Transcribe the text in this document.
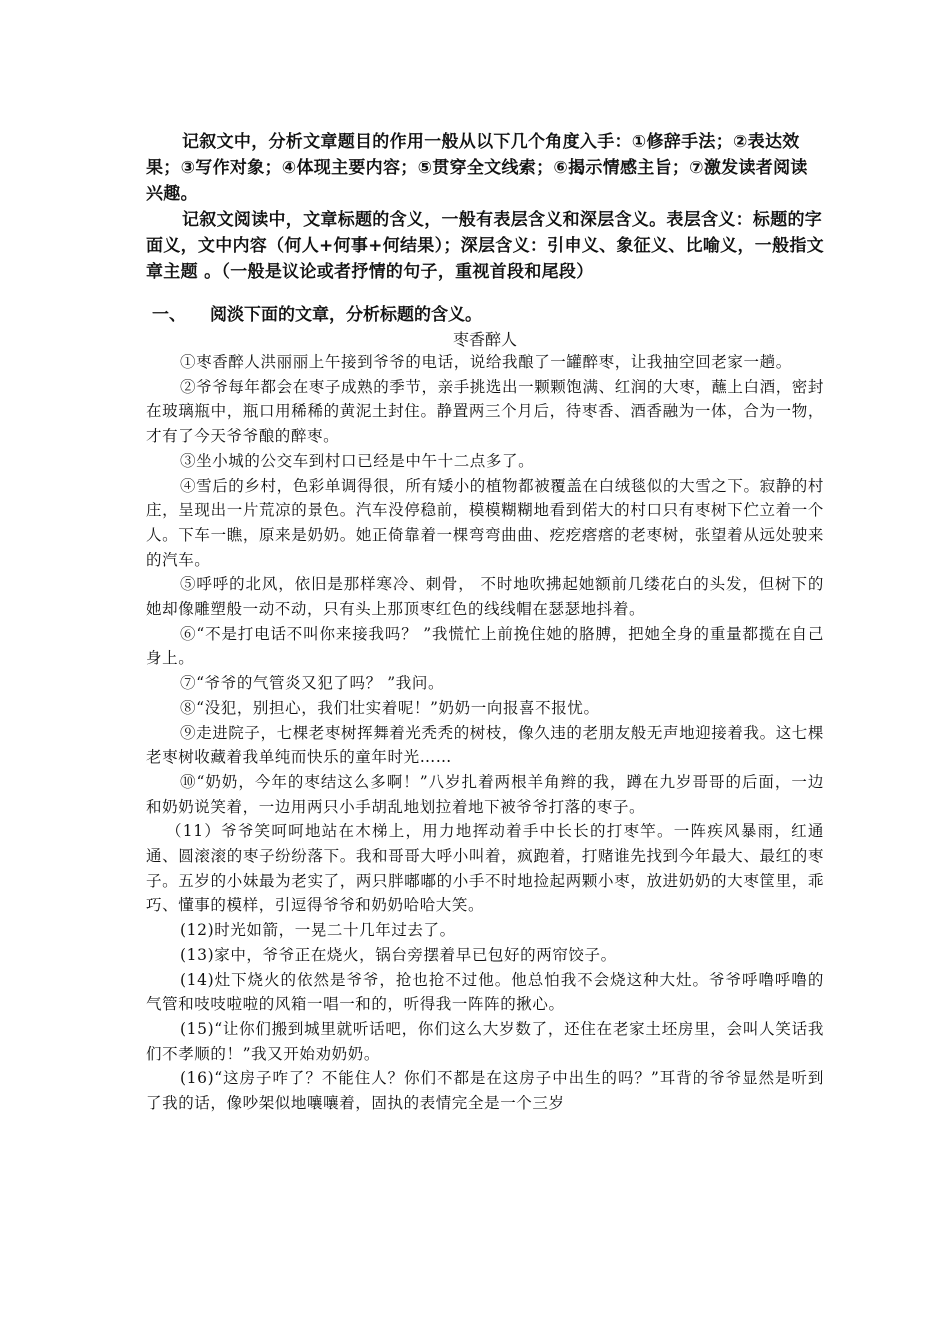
记叙文中，分析文章题目的作用一般从以下几个角度入手：①修辞手法；②表达效果；③写作对象；④体现主要内容；⑤贯穿全文线索；⑥揭示情感主旨；⑦激发读者阅读兴趣。

记叙文阅读中，文章标题的含义，一般有表层含义和深层含义。表层含义：标题的字面义，文中内容（何人+何事+何结果）；深层含义：引申义、象征义、比喻义，一般指文章主题 。（一般是议论或者抒情的句子，重视首段和尾段）

一、 阅淡下面的文章，分析标题的含义。

枣香醉人

①枣香醉人洪丽丽上午接到爷爷的电话，说给我酿了一罐醉枣，让我抽空回老家一趟。

②爷爷每年都会在枣子成熟的季节，亲手挑选出一颗颗饱满、红润的大枣，蘸上白酒，密封在玻璃瓶中，瓶口用稀稀的黄泥土封住。静置两三个月后，待枣香、酒香融为一体，合为一物，才有了今天爷爷酿的醉枣。

③坐小城的公交车到村口已经是中午十二点多了。

④雪后的乡村，色彩单调得很，所有矮小的植物都被覆盖在白绒毯似的大雪之下。寂静的村庄，呈现出一片荒凉的景色。汽车没停稳前，模模糊糊地看到偌大的村口只有枣树下伫立着一个人。下车一瞧，原来是奶奶。她正倚靠着一棵弯弯曲曲、疙疙瘩瘩的老枣树，张望着从远处驶来的汽车。

⑤呼呼的北风，依旧是那样寒冷、刺骨， 不时地吹拂起她额前几缕花白的头发，但树下的她却像雕塑般一动不动，只有头上那顶枣红色的线线帽在瑟瑟地抖着。

⑥“不是打电话不叫你来接我吗？ ”我慌忙上前挽住她的胳膊，把她全身的重量都揽在自己身上。

⑦“爷爷的气管炎又犯了吗？ ”我问。

⑧“没犯，别担心，我们壮实着呢！”奶奶一向报喜不报忧。

⑨走进院子，七棵老枣树挥舞着光秃秃的树枝，像久违的老朋友般无声地迎接着我。这七棵老枣树收藏着我单纯而快乐的童年时光……

⑩“奶奶，今年的枣结这么多啊！”八岁扎着两根羊角辫的我，蹲在九岁哥哥的后面，一边和奶奶说笑着，一边用两只小手胡乱地划拉着地下被爷爷打落的枣子。

（11）爷爷笑呵呵地站在木梯上，用力地挥动着手中长长的打枣竿。一阵疾风暴雨，红通通、圆滚滚的枣子纷纷落下。我和哥哥大呼小叫着，疯跑着，打赌谁先找到今年最大、最红的枣子。五岁的小妹最为老实了，两只胖嘟嘟的小手不时地捡起两颗小枣，放进奶奶的大枣筐里，乖巧、懂事的模样，引逗得爷爷和奶奶哈哈大笑。

(12)时光如箭，一晃二十几年过去了。

(13)家中，爷爷正在烧火，锅台旁摆着早已包好的两帘饺子。

(14)灶下烧火的依然是爷爷，抢也抢不过他。他总怕我不会烧这种大灶。爷爷呼噜呼噜的气管和吱吱啦啦的风箱一唱一和的，听得我一阵阵的揪心。

(15)“让你们搬到城里就听话吧，你们这么大岁数了，还住在老家土坯房里，会叫人笑话我们不孝顺的！”我又开始劝奶奶。

(16)“这房子咋了？不能住人？你们不都是在这房子中出生的吗？”耳背的爷爷显然是听到了我的话，像吵架似地嚷嚷着，固执的表情完全是一个三岁
